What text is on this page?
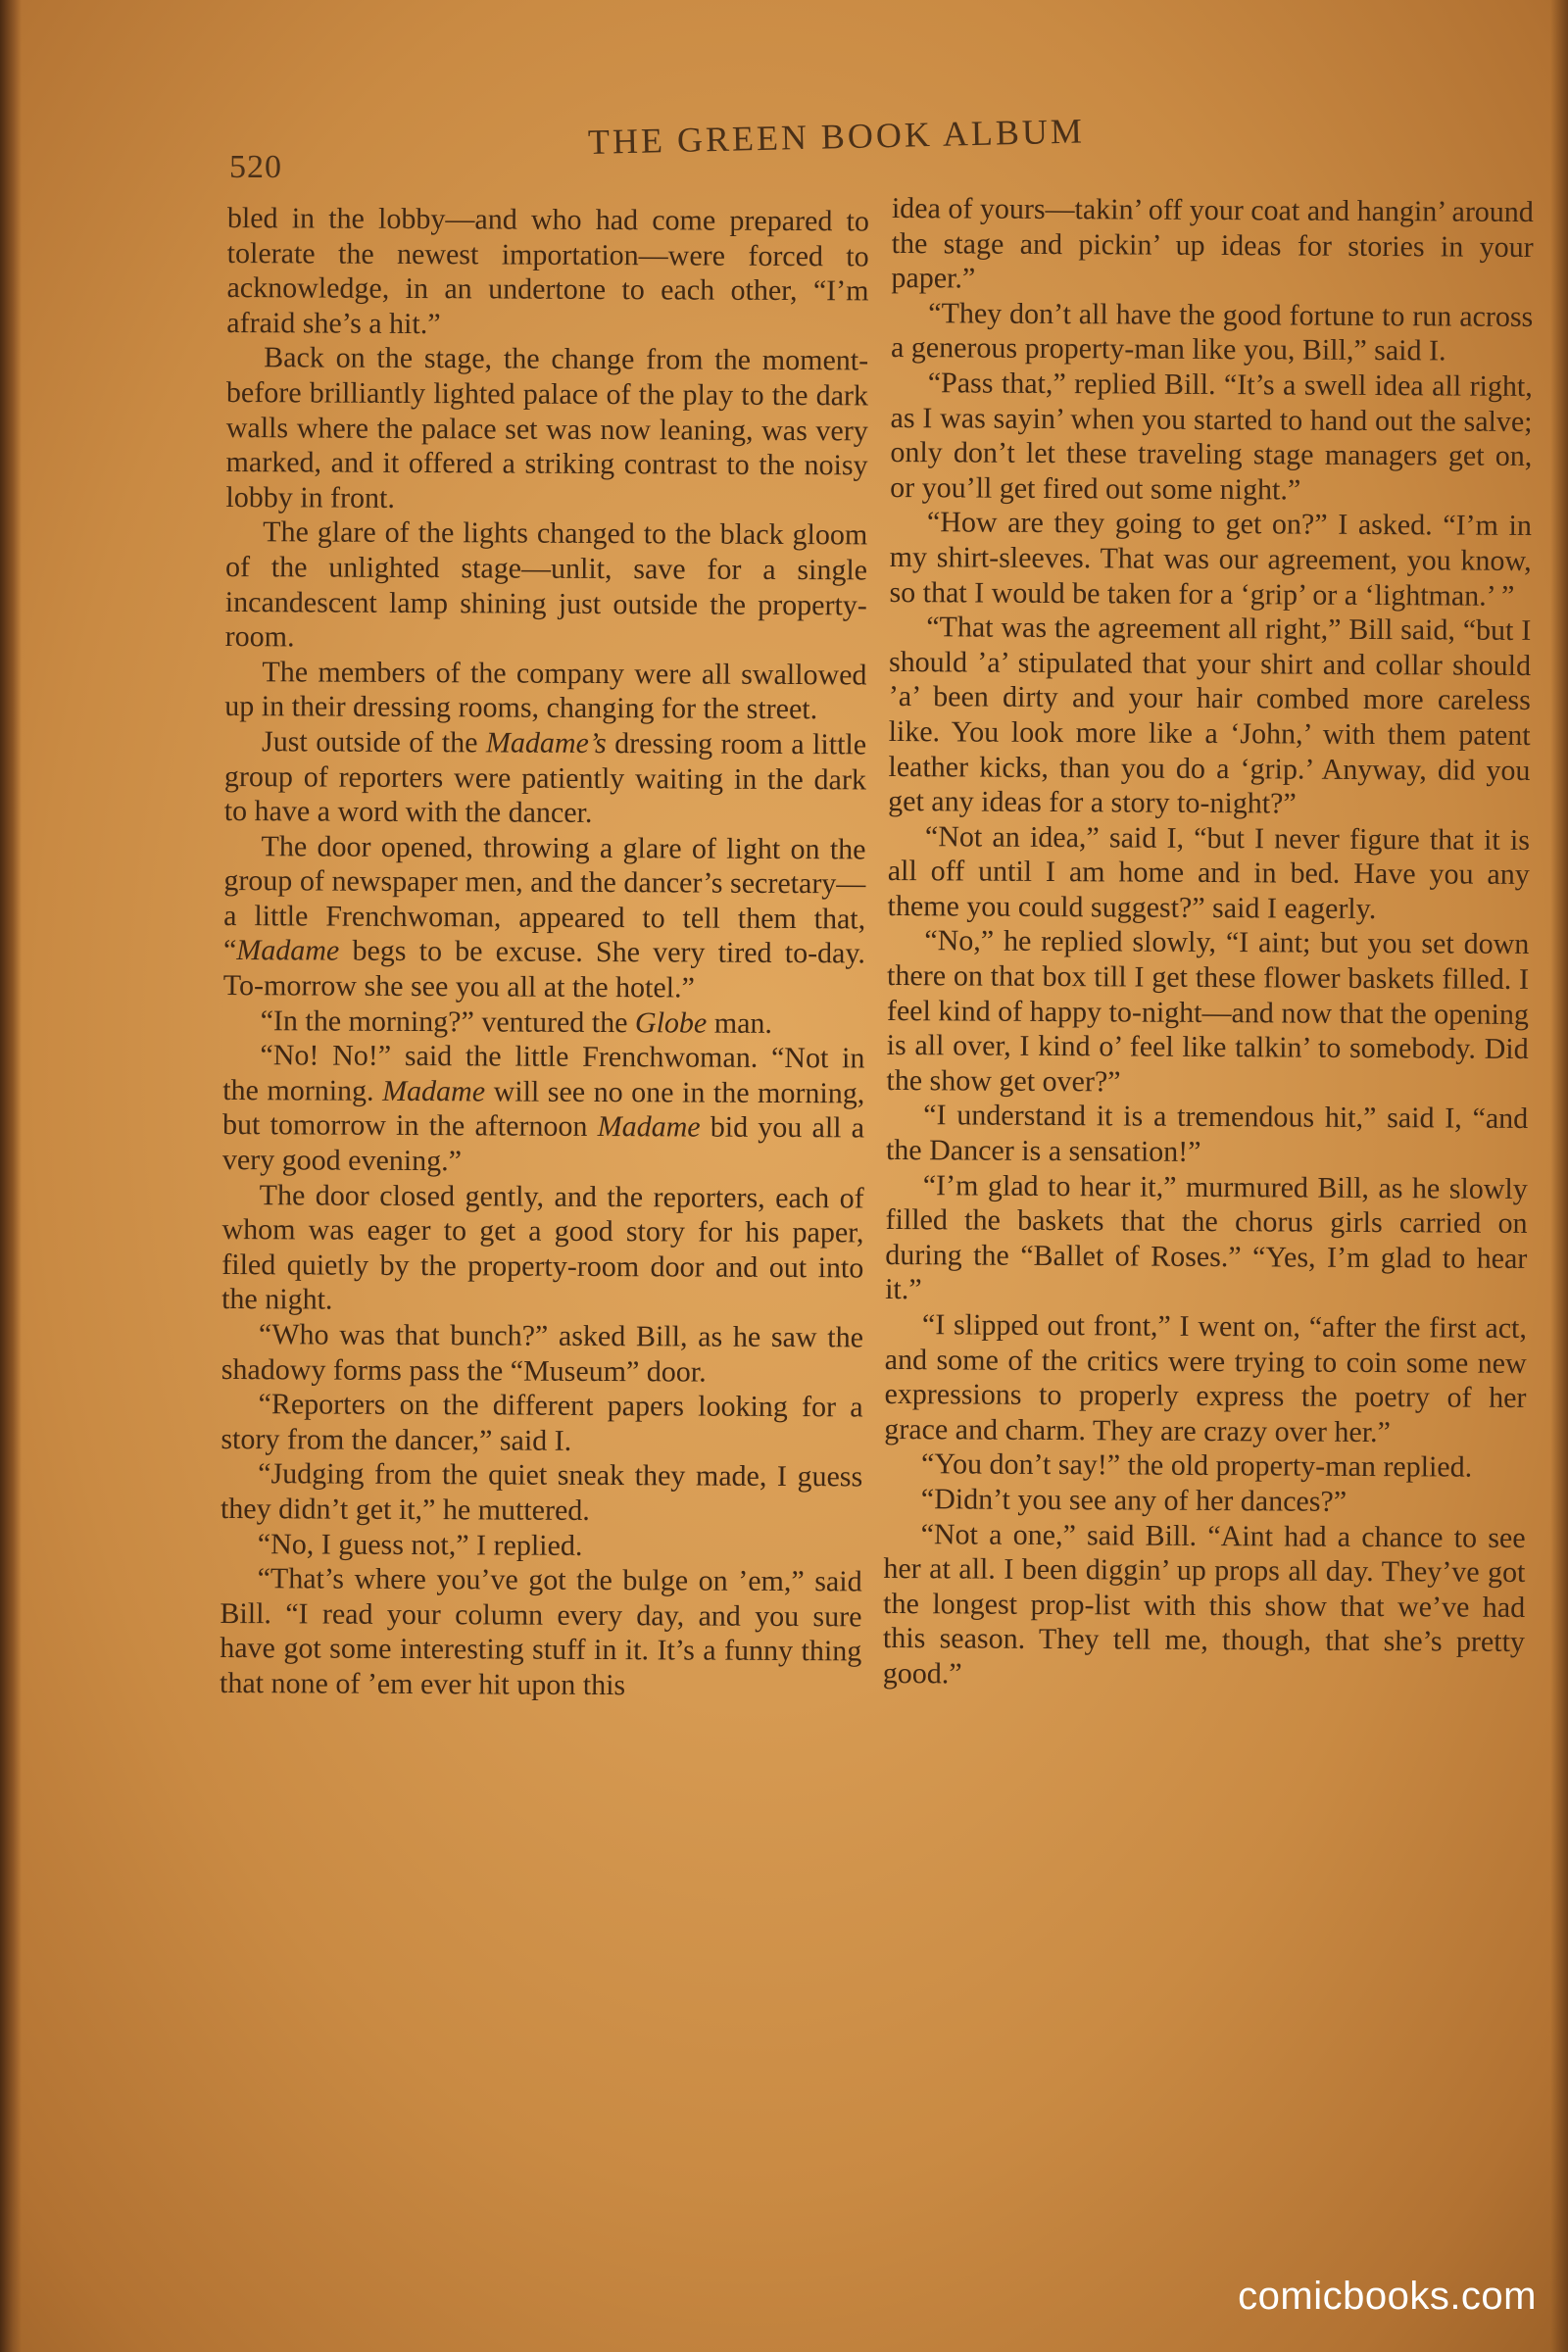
520
THE GREEN BOOK ALBUM

bled in the lobby—and who had come prepared to tolerate the newest importation—were forced to acknowledge, in an undertone to each other, “I’m afraid she’s a hit.”

Back on the stage, the change from the moment-before brilliantly lighted palace of the play to the dark walls where the palace set was now leaning, was very marked, and it offered a striking contrast to the noisy lobby in front.

The glare of the lights changed to the black gloom of the unlighted stage—unlit, save for a single incandescent lamp shining just outside the property-room.

The members of the company were all swallowed up in their dressing rooms, changing for the street.

Just outside of the Madame’s dressing room a little group of reporters were patiently waiting in the dark to have a word with the dancer.

The door opened, throwing a glare of light on the group of newspaper men, and the dancer’s secretary—a little Frenchwoman, appeared to tell them that, “Madame begs to be excuse. She very tired to-day. To-morrow she see you all at the hotel.”

“In the morning?” ventured the Globe man.

“No! No!” said the little Frenchwoman. “Not in the morning. Madame will see no one in the morning, but tomorrow in the afternoon Madame bid you all a very good evening.”

The door closed gently, and the reporters, each of whom was eager to get a good story for his paper, filed quietly by the property-room door and out into the night.

“Who was that bunch?” asked Bill, as he saw the shadowy forms pass the “Museum” door.

“Reporters on the different papers looking for a story from the dancer,” said I.

“Judging from the quiet sneak they made, I guess they didn’t get it,” he muttered.

“No, I guess not,” I replied.

“That’s where you’ve got the bulge on ’em,” said Bill. “I read your column every day, and you sure have got some interesting stuff in it. It’s a funny thing that none of ’em ever hit upon this

idea of yours—takin’ off your coat and hangin’ around the stage and pickin’ up ideas for stories in your paper.”

“They don’t all have the good fortune to run across a generous property-man like you, Bill,” said I.

“Pass that,” replied Bill. “It’s a swell idea all right, as I was sayin’ when you started to hand out the salve; only don’t let these traveling stage managers get on, or you’ll get fired out some night.”

“How are they going to get on?” I asked. “I’m in my shirt-sleeves. That was our agreement, you know, so that I would be taken for a ‘grip’ or a ‘lightman.’ ”

“That was the agreement all right,” Bill said, “but I should ’a’ stipulated that your shirt and collar should ’a’ been dirty and your hair combed more careless like. You look more like a ‘John,’ with them patent leather kicks, than you do a ‘grip.’ Anyway, did you get any ideas for a story to-night?”

“Not an idea,” said I, “but I never figure that it is all off until I am home and in bed. Have you any theme you could suggest?” said I eagerly.

“No,” he replied slowly, “I aint; but you set down there on that box till I get these flower baskets filled. I feel kind of happy to-night—and now that the opening is all over, I kind o’ feel like talkin’ to somebody. Did the show get over?”

“I understand it is a tremendous hit,” said I, “and the Dancer is a sensation!”

“I’m glad to hear it,” murmured Bill, as he slowly filled the baskets that the chorus girls carried on during the “Ballet of Roses.” “Yes, I’m glad to hear it.”

“I slipped out front,” I went on, “after the first act, and some of the critics were trying to coin some new expressions to properly express the poetry of her grace and charm. They are crazy over her.”

“You don’t say!” the old property-man replied.

“Didn’t you see any of her dances?”

“Not a one,” said Bill. “Aint had a chance to see her at all. I been diggin’ up props all day. They’ve got the longest prop-list with this show that we’ve had this season. They tell me, though, that she’s pretty good.”

comicbooks.com
